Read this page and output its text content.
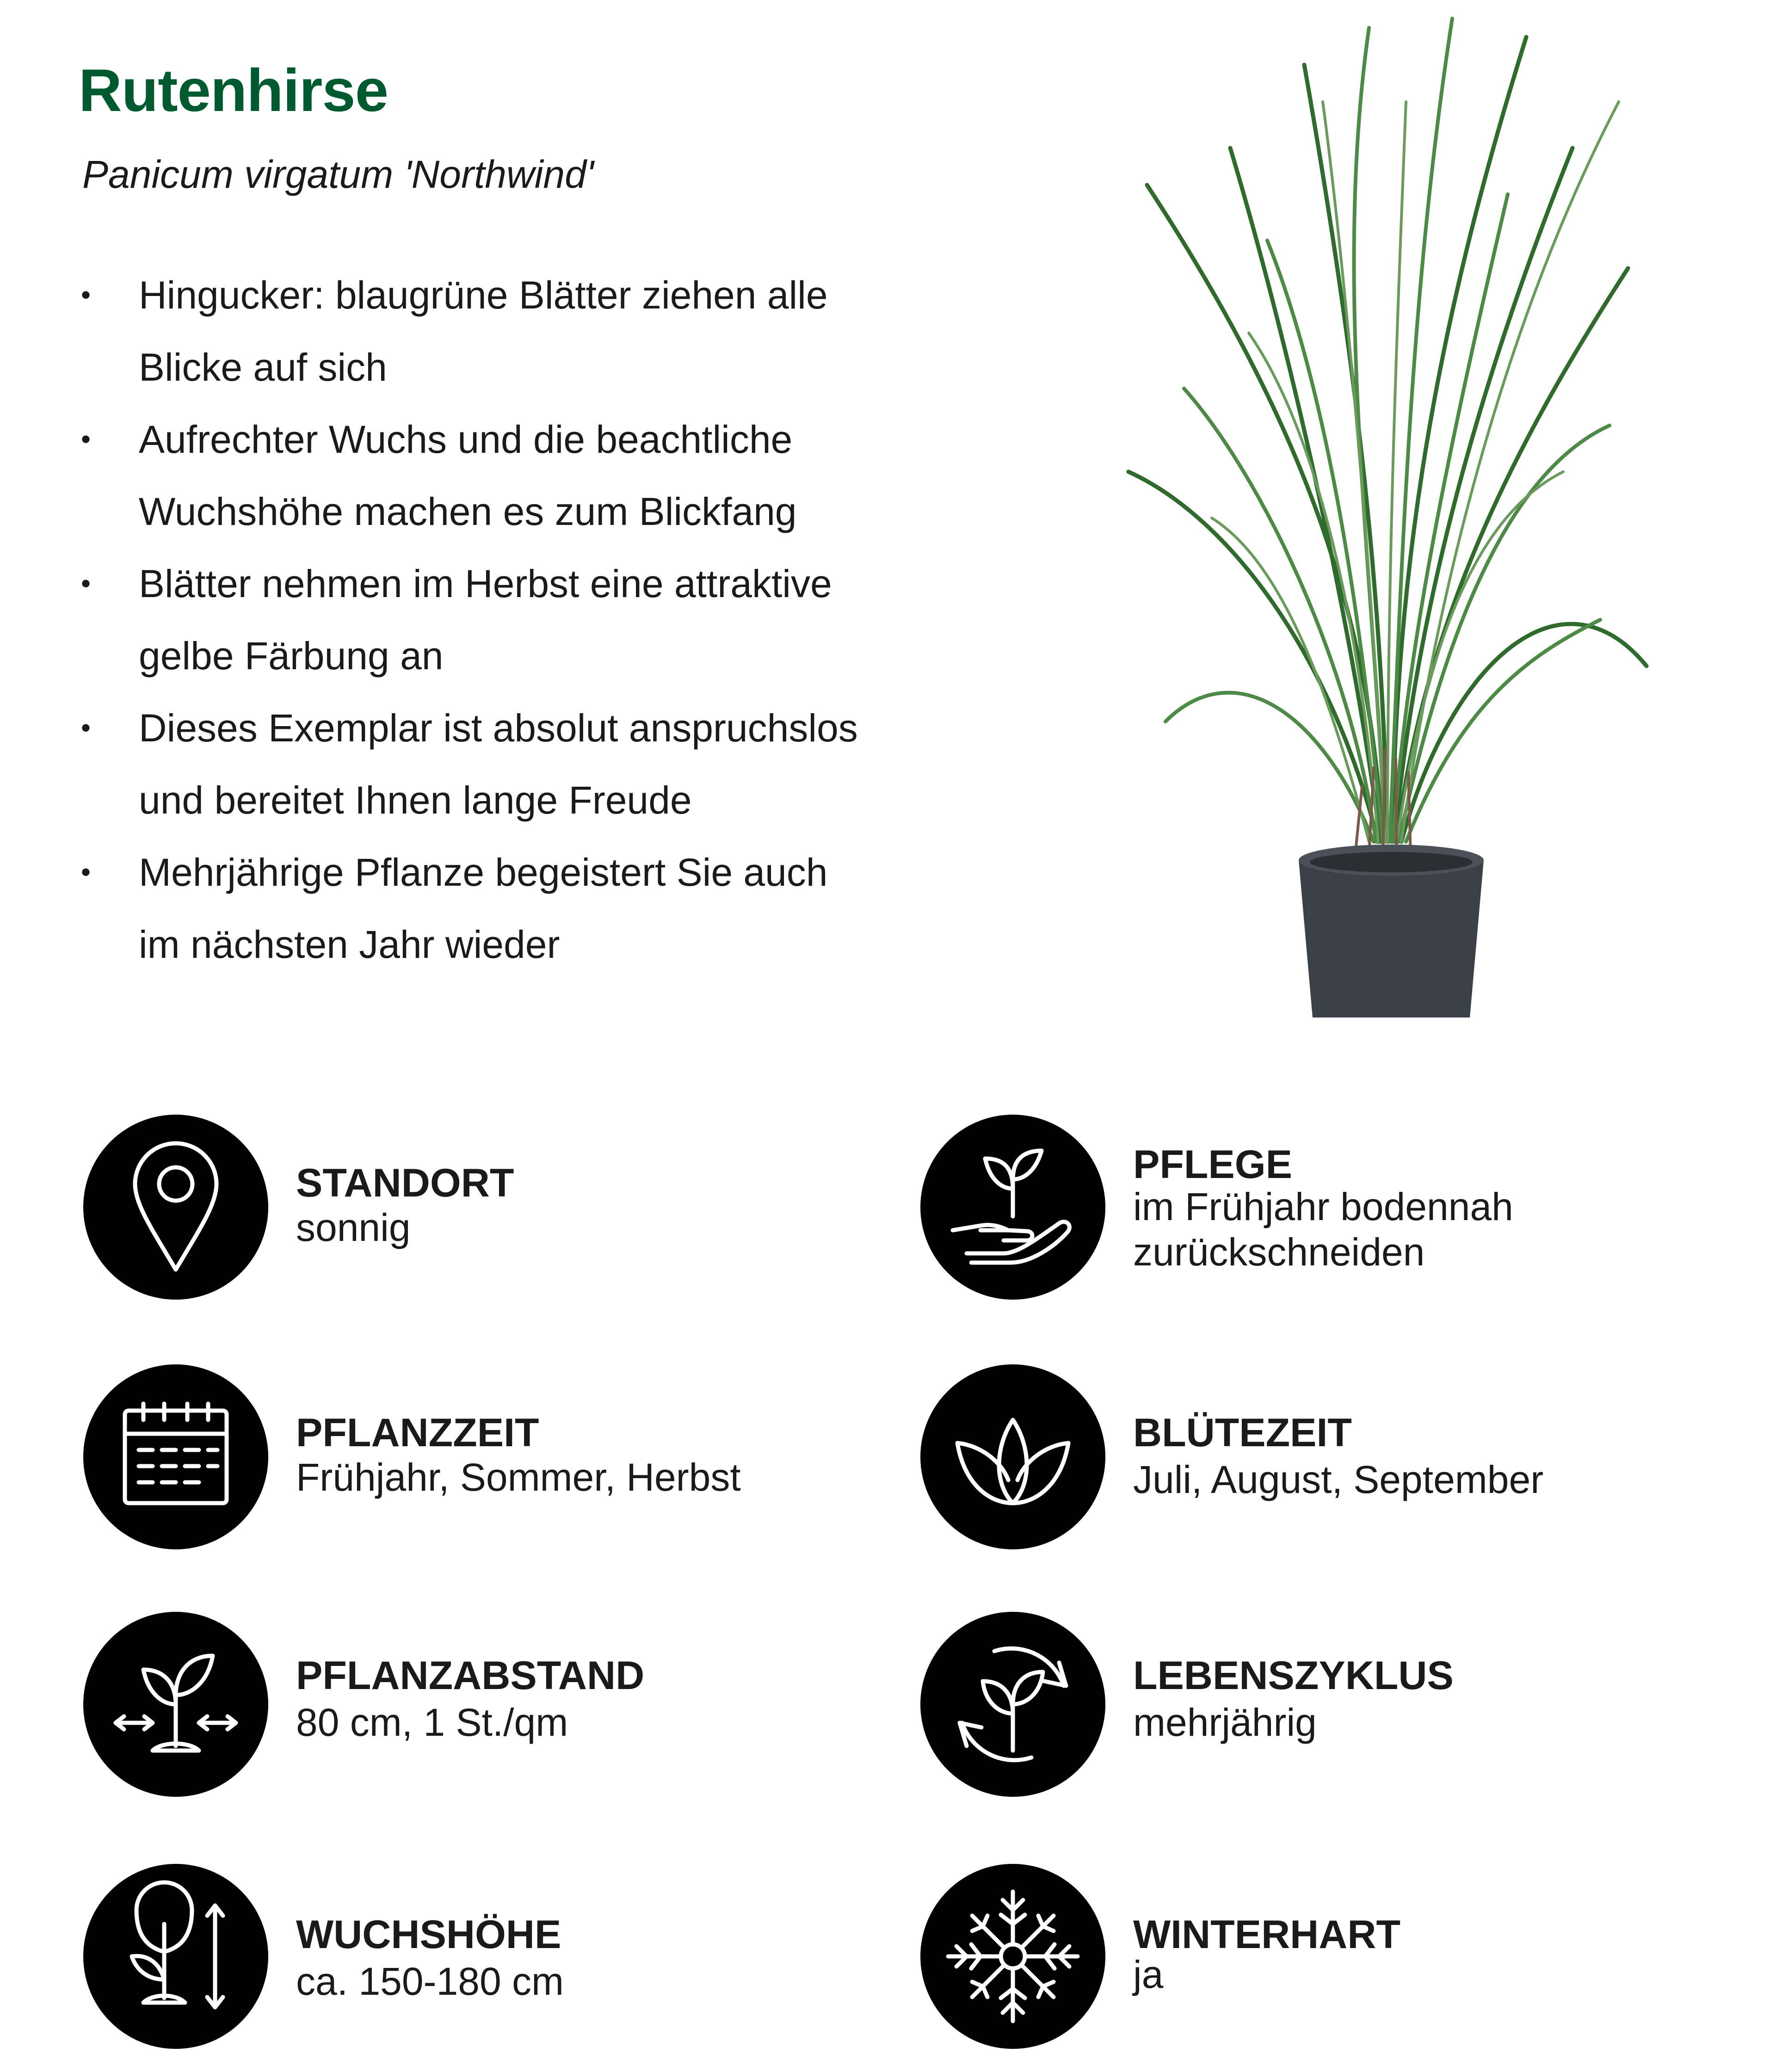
Rutenhirse
Panicum virgatum 'Northwind'
•	Hingucker: blaugrüne Blätter ziehen alle
Blicke auf sich
•	Aufrechter Wuchs und die beachtliche
Wuchshöhe machen es zum Blickfang
•	Blätter nehmen im Herbst eine attraktive
gelbe Färbung an
•	Dieses Exemplar ist absolut anspruchslos
und bereitet Ihnen lange Freude
•	Mehrjährige Pflanze begeistert Sie auch
im nächsten Jahr wieder
STANDORT
sonnig
PFLEGE
im Frühjahr bodennah
zurückschneiden
PFLANZZEIT
Frühjahr, Sommer, Herbst
BLÜTEZEIT
Juli, August, September
PFLANZABSTAND
80 cm, 1 St./qm
LEBENSZYKLUS
mehrjährig
WUCHSHÖHE
ca. 150-180 cm
WINTERHART
ja
